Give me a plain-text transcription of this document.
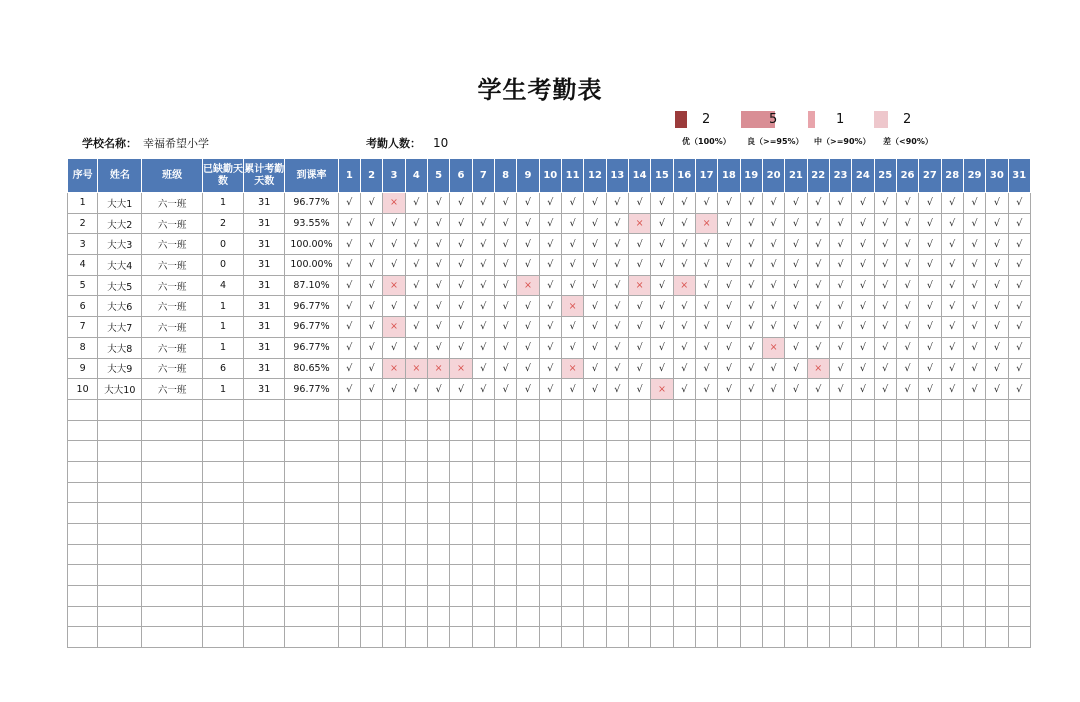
学生考勤表
学校名称： 幸福希望小学	考勤人数： 10
2
优（100%）
5
良（>=95%）
1
中（>=90%）
2
差（<90%）
序号	姓名	班级	已缺勤天数	累计考勤天数	到课率	1	2	3	4	5	6	7	8	9	10	11	12	13	14	15	16	17	18	19	20	21	22	23	24	25	26	27	28	29	30	31
1	大大1	六一班	1	31	96.77%	√	√	×	√	√	√	√	√	√	√	√	√	√	√	√	√	√	√	√	√	√	√	√	√	√	√	√	√	√	√	√
2	大大2	六一班	2	31	93.55%	√	√	√	√	√	√	√	√	√	√	√	√	√	×	√	√	×	√	√	√	√	√	√	√	√	√	√	√	√	√	√
3	大大3	六一班	0	31	100.00%	√	√	√	√	√	√	√	√	√	√	√	√	√	√	√	√	√	√	√	√	√	√	√	√	√	√	√	√	√	√	√
4	大大4	六一班	0	31	100.00%	√	√	√	√	√	√	√	√	√	√	√	√	√	√	√	√	√	√	√	√	√	√	√	√	√	√	√	√	√	√	√
5	大大5	六一班	4	31	87.10%	√	√	×	√	√	√	√	√	×	√	√	√	√	×	√	×	√	√	√	√	√	√	√	√	√	√	√	√	√	√	√
6	大大6	六一班	1	31	96.77%	√	√	√	√	√	√	√	√	√	√	×	√	√	√	√	√	√	√	√	√	√	√	√	√	√	√	√	√	√	√	√
7	大大7	六一班	1	31	96.77%	√	√	×	√	√	√	√	√	√	√	√	√	√	√	√	√	√	√	√	√	√	√	√	√	√	√	√	√	√	√	√
8	大大8	六一班	1	31	96.77%	√	√	√	√	√	√	√	√	√	√	√	√	√	√	√	√	√	√	√	×	√	√	√	√	√	√	√	√	√	√	√
9	大大9	六一班	6	31	80.65%	√	√	×	×	×	×	√	√	√	√	×	√	√	√	√	√	√	√	√	√	√	×	√	√	√	√	√	√	√	√	√
10	大大10	六一班	1	31	96.77%	√	√	√	√	√	√	√	√	√	√	√	√	√	√	×	√	√	√	√	√	√	√	√	√	√	√	√	√	√	√	√
